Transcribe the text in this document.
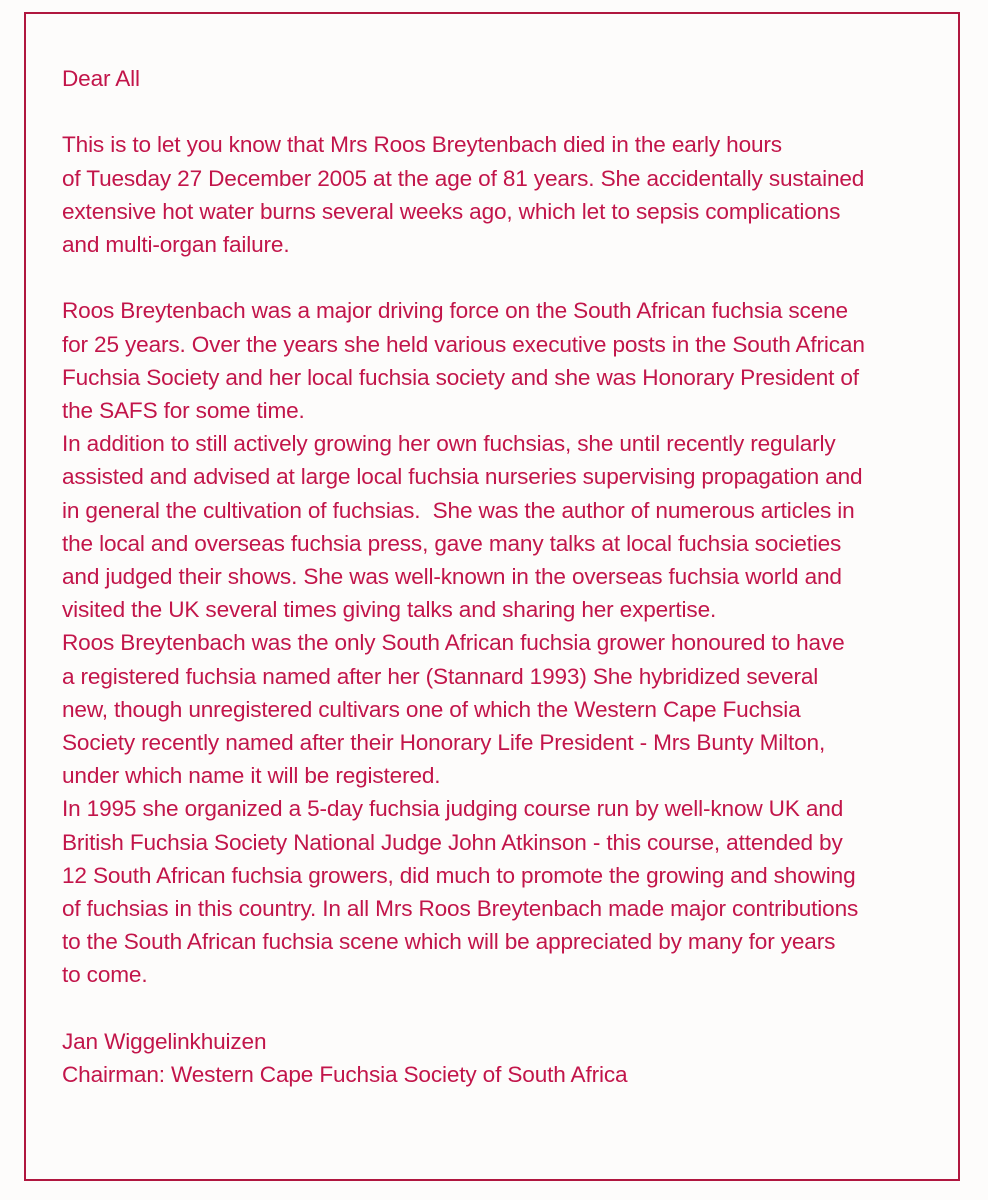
Dear All
This is to let you know that Mrs Roos Breytenbach died in the early hours
of Tuesday 27 December 2005 at the age of 81 years. She accidentally sustained
extensive hot water burns several weeks ago, which let to sepsis complications
and multi-organ failure.
Roos Breytenbach was a major driving force on the South African fuchsia scene
for 25 years. Over the years she held various executive posts in the South African
Fuchsia Society and her local fuchsia society and she was Honorary President of
the SAFS for some time.
In addition to still actively growing her own fuchsias, she until recently regularly
assisted and advised at large local fuchsia nurseries supervising propagation and
in general the cultivation of fuchsias.  She was the author of numerous articles in
the local and overseas fuchsia press, gave many talks at local fuchsia societies
and judged their shows. She was well-known in the overseas fuchsia world and
visited the UK several times giving talks and sharing her expertise.
Roos Breytenbach was the only South African fuchsia grower honoured to have
a registered fuchsia named after her (Stannard 1993) She hybridized several
new, though unregistered cultivars one of which the Western Cape Fuchsia
Society recently named after their Honorary Life President - Mrs Bunty Milton,
under which name it will be registered.
In 1995 she organized a 5-day fuchsia judging course run by well-know UK and
British Fuchsia Society National Judge John Atkinson - this course, attended by
12 South African fuchsia growers, did much to promote the growing and showing
of fuchsias in this country. In all Mrs Roos Breytenbach made major contributions
to the South African fuchsia scene which will be appreciated by many for years
to come.
Jan Wiggelinkhuizen
Chairman: Western Cape Fuchsia Society of South Africa
